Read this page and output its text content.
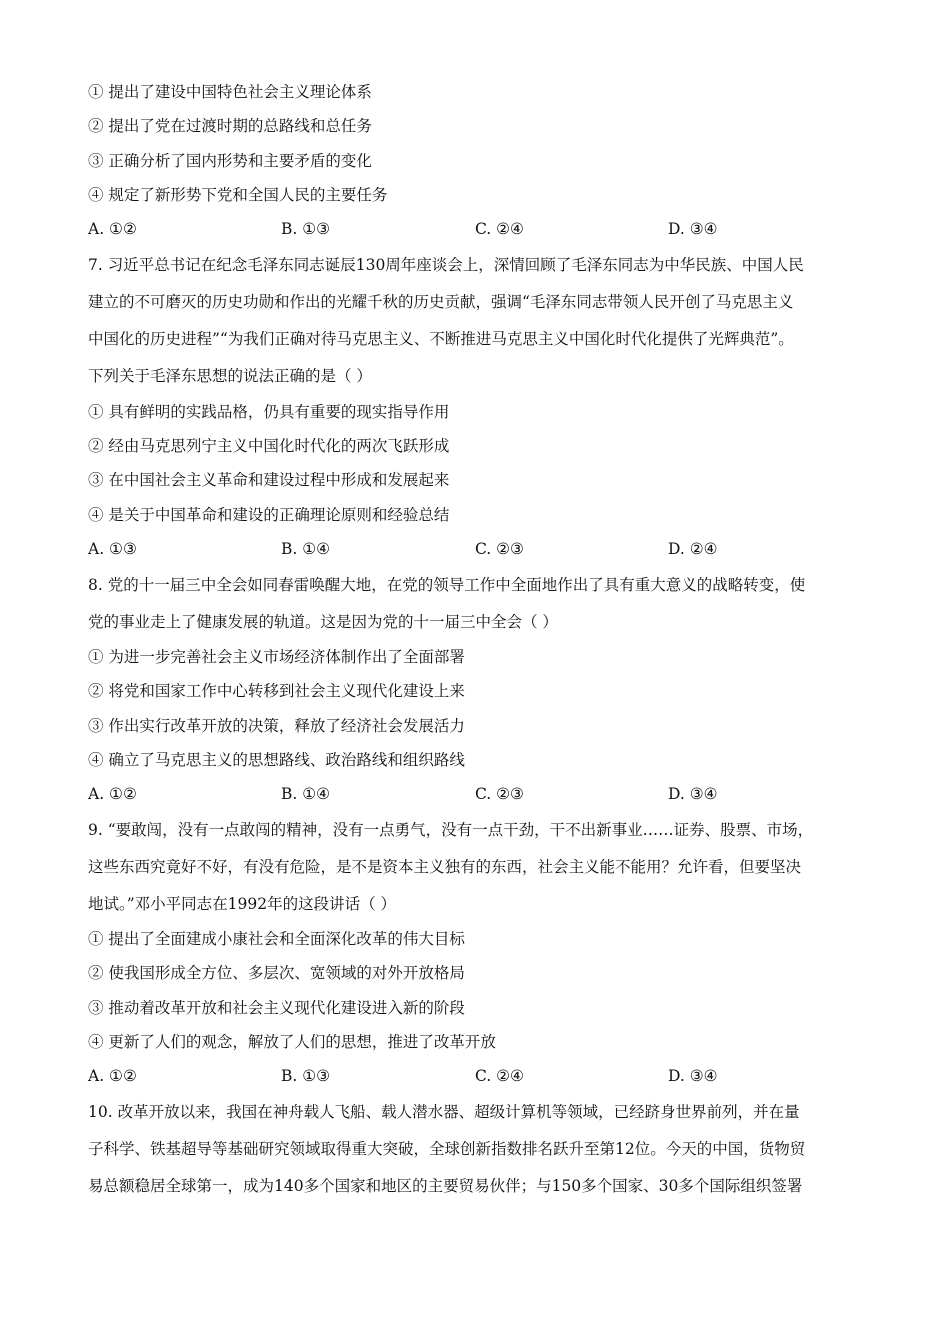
① 提出了建设中国特色社会主义理论体系
② 提出了党在过渡时期的总路线和总任务
③ 正确分析了国内形势和主要矛盾的变化
④ 规定了新形势下党和全国人民的主要任务
A. ①②	B. ①③	C. ②④	D. ③④
7. 习近平总书记在纪念毛泽东同志诞辰130周年座谈会上，深情回顾了毛泽东同志为中华民族、中国人民
建立的不可磨灭的历史功勋和作出的光耀千秋的历史贡献，强调“毛泽东同志带领人民开创了马克思主义
中国化的历史进程”“为我们正确对待马克思主义、不断推进马克思主义中国化时代化提供了光辉典范”。
下列关于毛泽东思想的说法正确的是（ ）
① 具有鲜明的实践品格，仍具有重要的现实指导作用
② 经由马克思列宁主义中国化时代化的两次飞跃形成
③ 在中国社会主义革命和建设过程中形成和发展起来
④ 是关于中国革命和建设的正确理论原则和经验总结
A. ①③	B. ①④	C. ②③	D. ②④
8. 党的十一届三中全会如同春雷唤醒大地，在党的领导工作中全面地作出了具有重大意义的战略转变，使
党的事业走上了健康发展的轨道。这是因为党的十一届三中全会（ ）
① 为进一步完善社会主义市场经济体制作出了全面部署
② 将党和国家工作中心转移到社会主义现代化建设上来
③ 作出实行改革开放的决策，释放了经济社会发展活力
④ 确立了马克思主义的思想路线、政治路线和组织路线
A. ①②	B. ①④	C. ②③	D. ③④
9. “要敢闯，没有一点敢闯的精神，没有一点勇气，没有一点干劲，干不出新事业……证券、股票、市场，
这些东西究竟好不好，有没有危险，是不是资本主义独有的东西，社会主义能不能用？允许看，但要坚决
地试。”邓小平同志在1992年的这段讲话（ ）
① 提出了全面建成小康社会和全面深化改革的伟大目标
② 使我国形成全方位、多层次、宽领域的对外开放格局
③ 推动着改革开放和社会主义现代化建设进入新的阶段
④ 更新了人们的观念，解放了人们的思想，推进了改革开放
A. ①②	B. ①③	C. ②④	D. ③④
10. 改革开放以来，我国在神舟载人飞船、载人潜水器、超级计算机等领域，已经跻身世界前列，并在量
子科学、铁基超导等基础研究领域取得重大突破，全球创新指数排名跃升至第12位。今天的中国，货物贸
易总额稳居全球第一，成为140多个国家和地区的主要贸易伙伴；与150多个国家、30多个国际组织签署
